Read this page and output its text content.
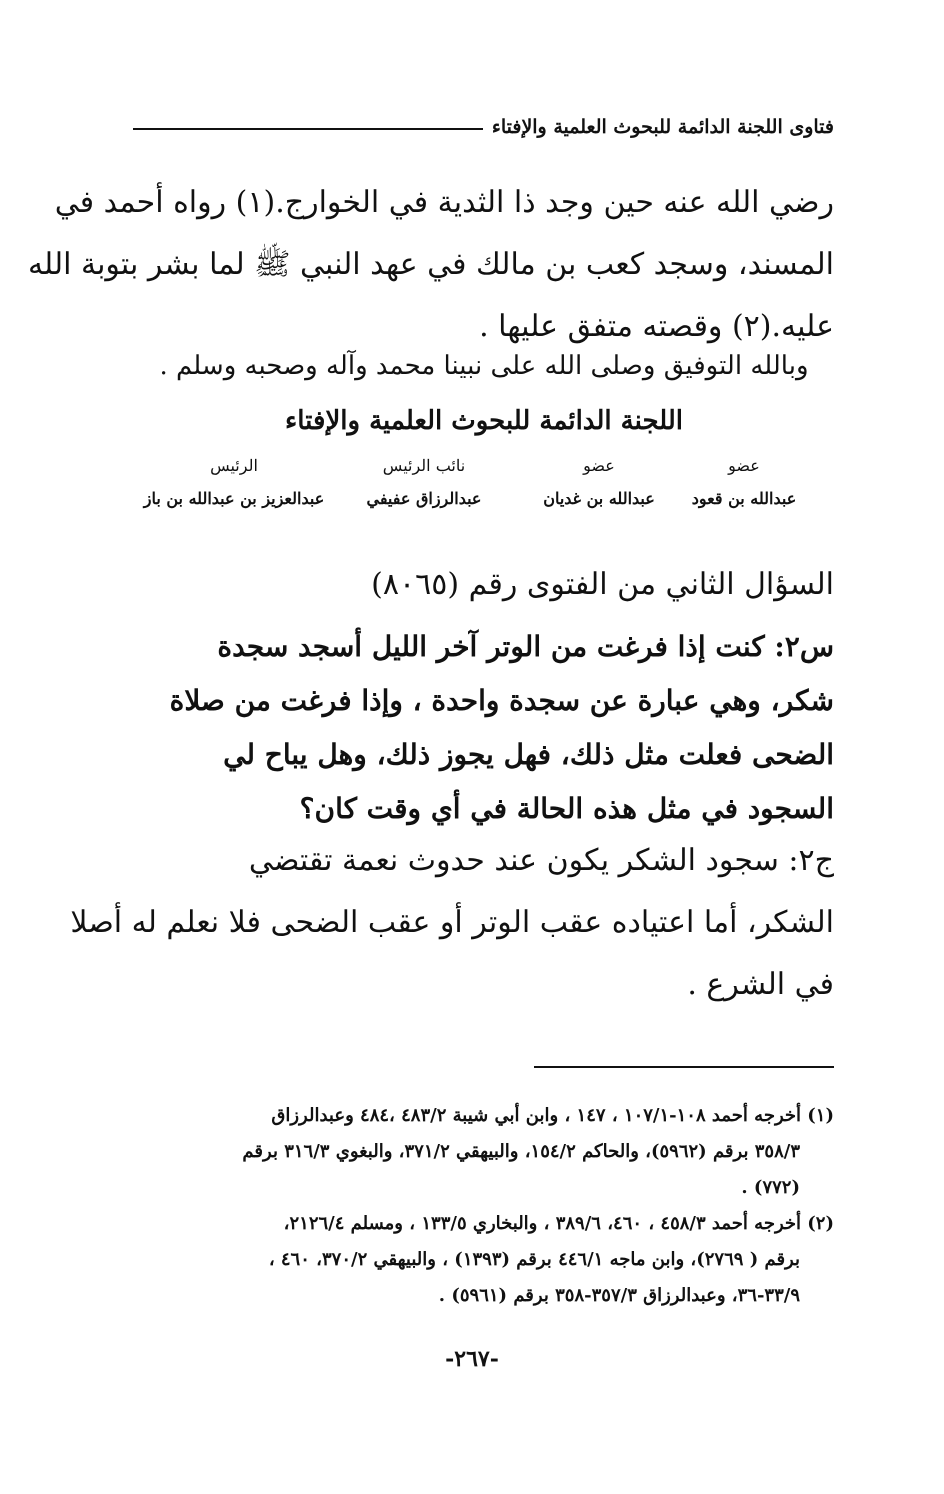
فتاوى اللجنة الدائمة للبحوث العلمية والإفتاء
رضي الله عنه حين وجد ذا الثدية في الخوارج.(١) رواه أحمد في
المسند، وسجد كعب بن مالك في عهد النبي ﷺ لما بشر بتوبة الله
عليه.(٢) وقصته متفق عليها .
وبالله التوفيق وصلى الله على نبينا محمد وآله وصحبه وسلم .
اللجنة الدائمة للبحوث العلمية والإفتاء
عضو
عبدالله بن قعود
عضو
عبدالله بن غديان
نائب الرئيس
عبدالرزاق عفيفي
الرئيس
عبدالعزيز بن عبدالله بن باز
السؤال الثاني من الفتوى رقم (٨٠٦٥)
س٢: كنت إذا فرغت من الوتر آخر الليل أسجد سجدة
شكر، وهي عبارة عن سجدة واحدة ، وإذا فرغت من صلاة
الضحى فعلت مثل ذلك، فهل يجوز ذلك، وهل يباح لي
السجود في مثل هذه الحالة في أي وقت كان؟
ج٢: سجود الشكر يكون عند حدوث نعمة تقتضي
الشكر، أما اعتياده عقب الوتر أو عقب الضحى فلا نعلم له أصلا
في الشرع .
(١) أخرجه أحمد ١٠٨-١٠٧/١ ، ١٤٧ ، وابن أبي شيبة ٤٨٣/٢ ،٤٨٤ وعبدالرزاق
٣٥٨/٣ برقم (٥٩٦٢)، والحاكم ١٥٤/٢، والبيهقي ٣٧١/٢، والبغوي ٣١٦/٣ برقم
(٧٧٢) .
(٢) أخرجه أحمد ٤٥٨/٣ ، ٤٦٠، ٣٨٩/٦ ، والبخاري ١٣٣/٥ ، ومسلم ٢١٢٦/٤،
برقم ( ٢٧٦٩)، وابن ماجه ٤٤٦/١ برقم (١٣٩٣) ، والبيهقي ٣٧٠/٢، ٤٦٠ ،
٣٣/٩-٣٦، وعبدالرزاق ٣٥٧/٣-٣٥٨ برقم (٥٩٦١) .
-٢٦٧-
